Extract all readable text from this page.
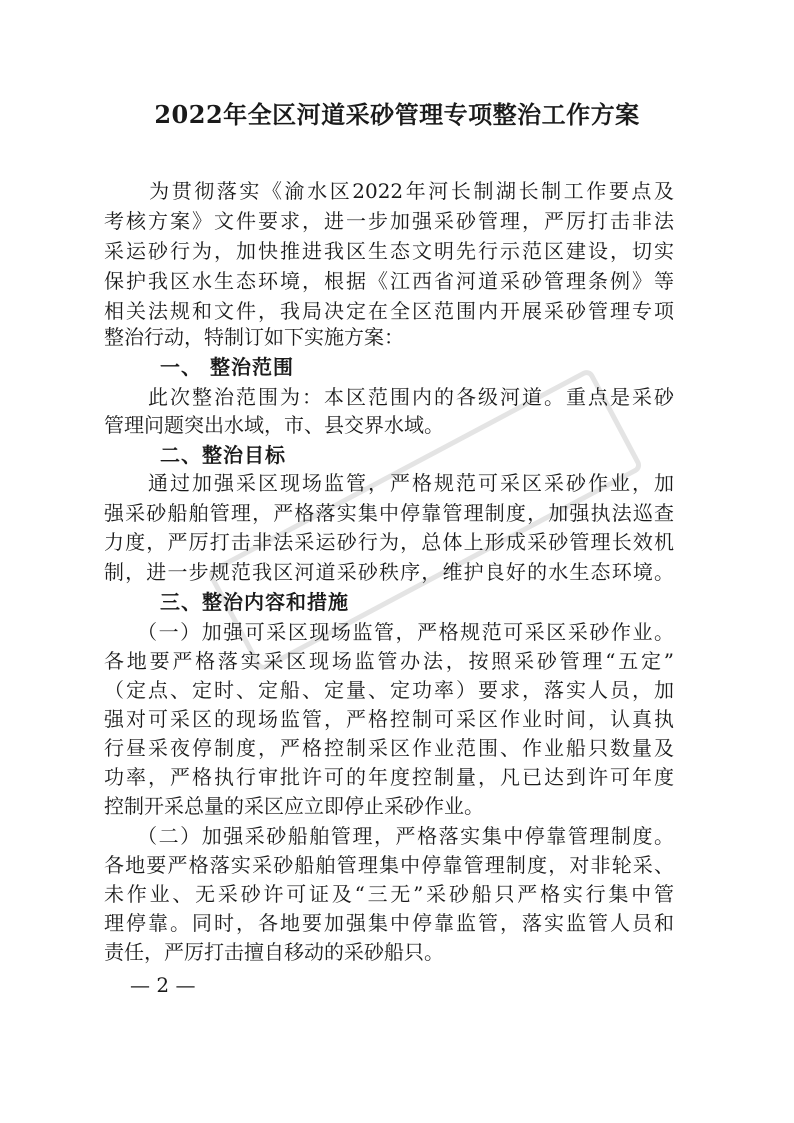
2022年全区河道采砂管理专项整治工作方案
　　为贯彻落实《渝水区2022年河长制湖长制工作要点及
考核方案》文件要求，进一步加强采砂管理，严厉打击非法
采运砂行为，加快推进我区生态文明先行示范区建设，切实
保护我区水生态环境，根据《江西省河道采砂管理条例》等
相关法规和文件，我局决定在全区范围内开展采砂管理专项
整治行动，特制订如下实施方案：
一、 整治范围
　此次整治范围为：本区范围内的各级河道。重点是采砂
管理问题突出水域，市、县交界水域。
二、整治目标
　通过加强采区现场监管，严格规范可采区采砂作业，加
强采砂船舶管理，严格落实集中停靠管理制度，加强执法巡查
力度，严厉打击非法采运砂行为，总体上形成采砂管理长效机
制，进一步规范我区河道采砂秩序，维护良好的水生态环境。
三、整治内容和措施
　　（一）加强可采区现场监管，严格规范可采区采砂作业。
各地要严格落实采区现场监管办法，按照采砂管理“五定”
（定点、定时、定船、定量、定功率）要求，落实人员，加
强对可采区的现场监管，严格控制可采区作业时间，认真执
行昼采夜停制度，严格控制采区作业范围、作业船只数量及
功率，严格执行审批许可的年度控制量，凡已达到许可年度
控制开采总量的采区应立即停止采砂作业。
　　（二）加强采砂船舶管理，严格落实集中停靠管理制度。
各地要严格落实采砂船舶管理集中停靠管理制度，对非轮采、
未作业、无采砂许可证及“三无”采砂船只严格实行集中管
理停靠。同时，各地要加强集中停靠监管，落实监管人员和
责任，严厉打击擅自移动的采砂船只。
— 2 —
